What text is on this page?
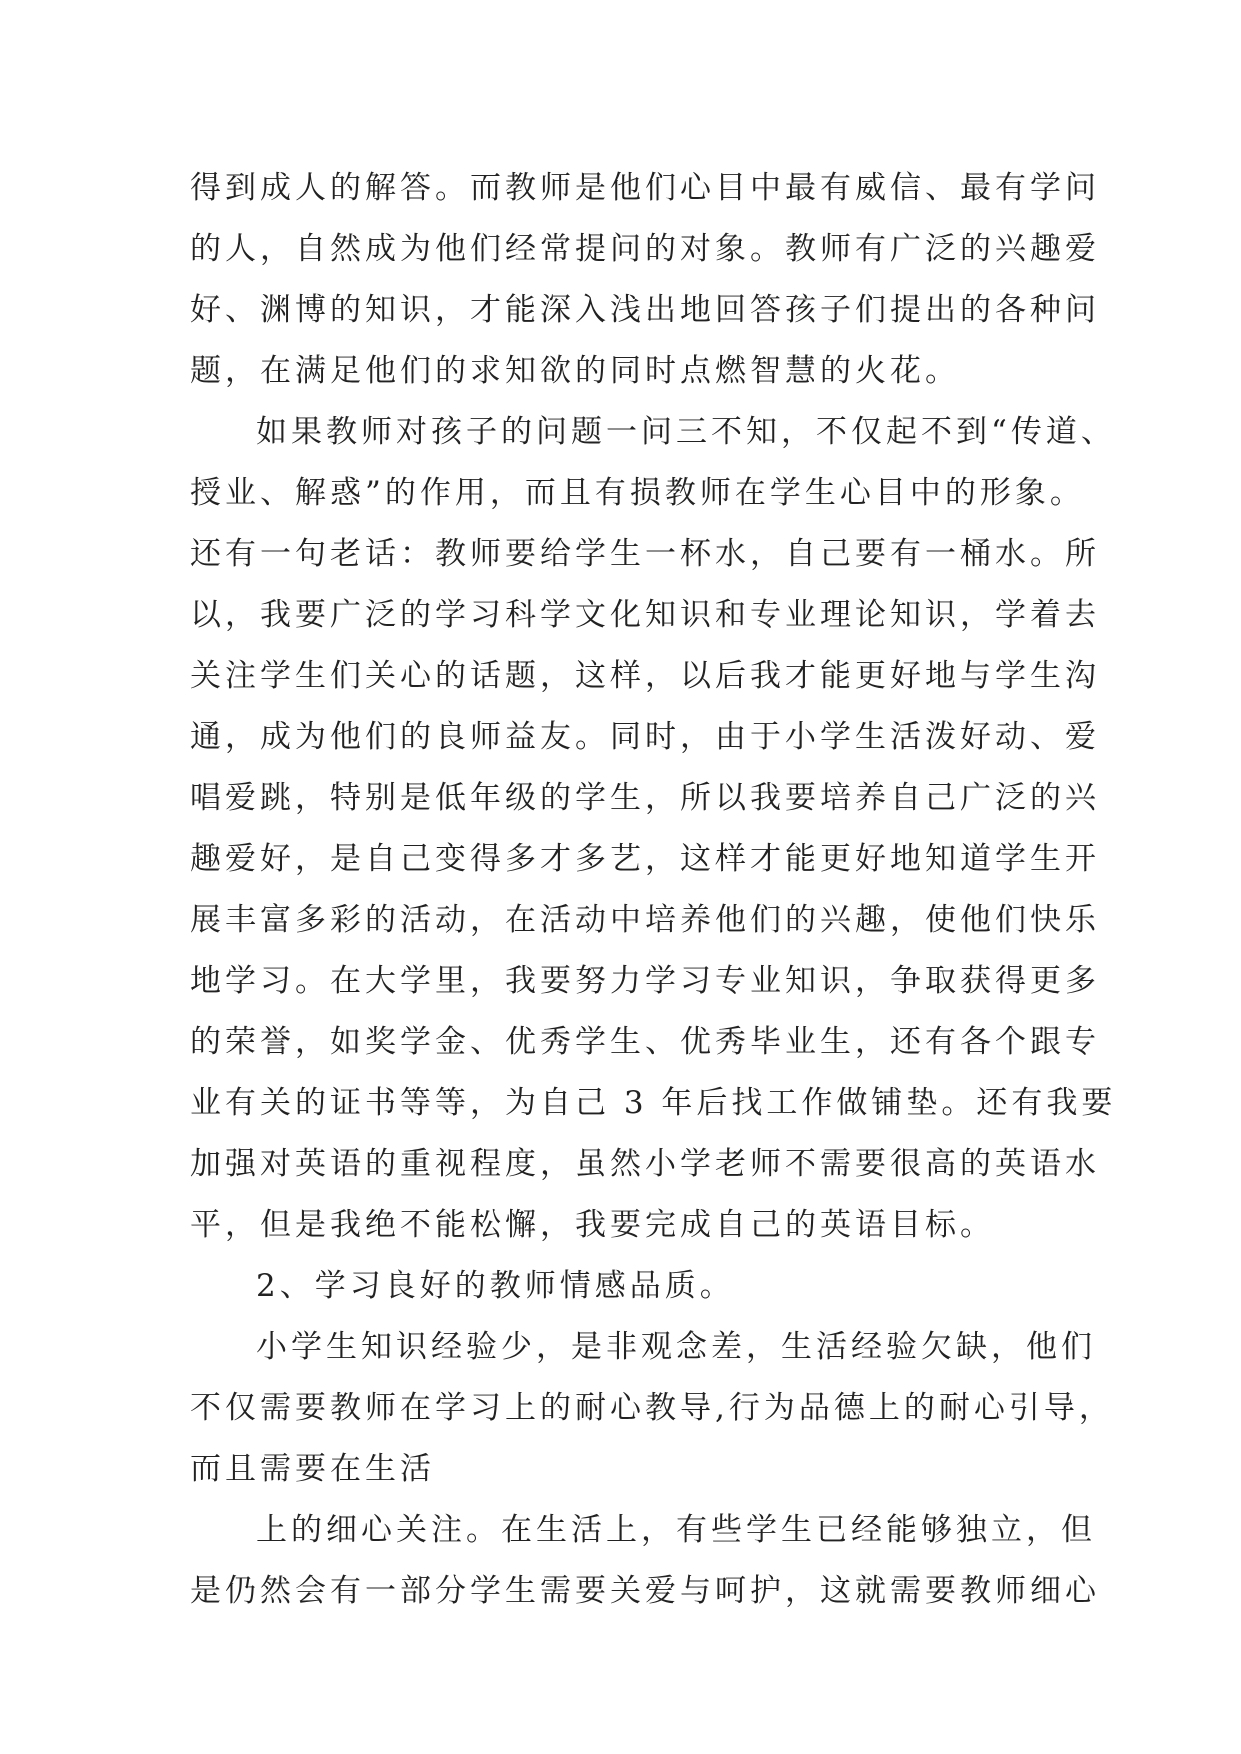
得到成人的解答。而教师是他们心目中最有威信、最有学问
的人，自然成为他们经常提问的对象。教师有广泛的兴趣爱
好、渊博的知识，才能深入浅出地回答孩子们提出的各种问
题，在满足他们的求知欲的同时点燃智慧的火花。
如果教师对孩子的问题一问三不知，不仅起不到“传道、
授业、解惑”的作用，而且有损教师在学生心目中的形象。
还有一句老话：教师要给学生一杯水，自己要有一桶水。所
以，我要广泛的学习科学文化知识和专业理论知识，学着去
关注学生们关心的话题，这样，以后我才能更好地与学生沟
通，成为他们的良师益友。同时，由于小学生活泼好动、爱
唱爱跳，特别是低年级的学生，所以我要培养自己广泛的兴
趣爱好，是自己变得多才多艺，这样才能更好地知道学生开
展丰富多彩的活动，在活动中培养他们的兴趣，使他们快乐
地学习。在大学里，我要努力学习专业知识，争取获得更多
的荣誉，如奖学金、优秀学生、优秀毕业生，还有各个跟专
业有关的证书等等，为自己 3 年后找工作做铺垫。还有我要
加强对英语的重视程度，虽然小学老师不需要很高的英语水
平，但是我绝不能松懈，我要完成自己的英语目标。
2、学习良好的教师情感品质。
小学生知识经验少，是非观念差，生活经验欠缺，他们
不仅需要教师在学习上的耐心教导,行为品德上的耐心引导，
而且需要在生活
上的细心关注。在生活上，有些学生已经能够独立，但
是仍然会有一部分学生需要关爱与呵护，这就需要教师细心
